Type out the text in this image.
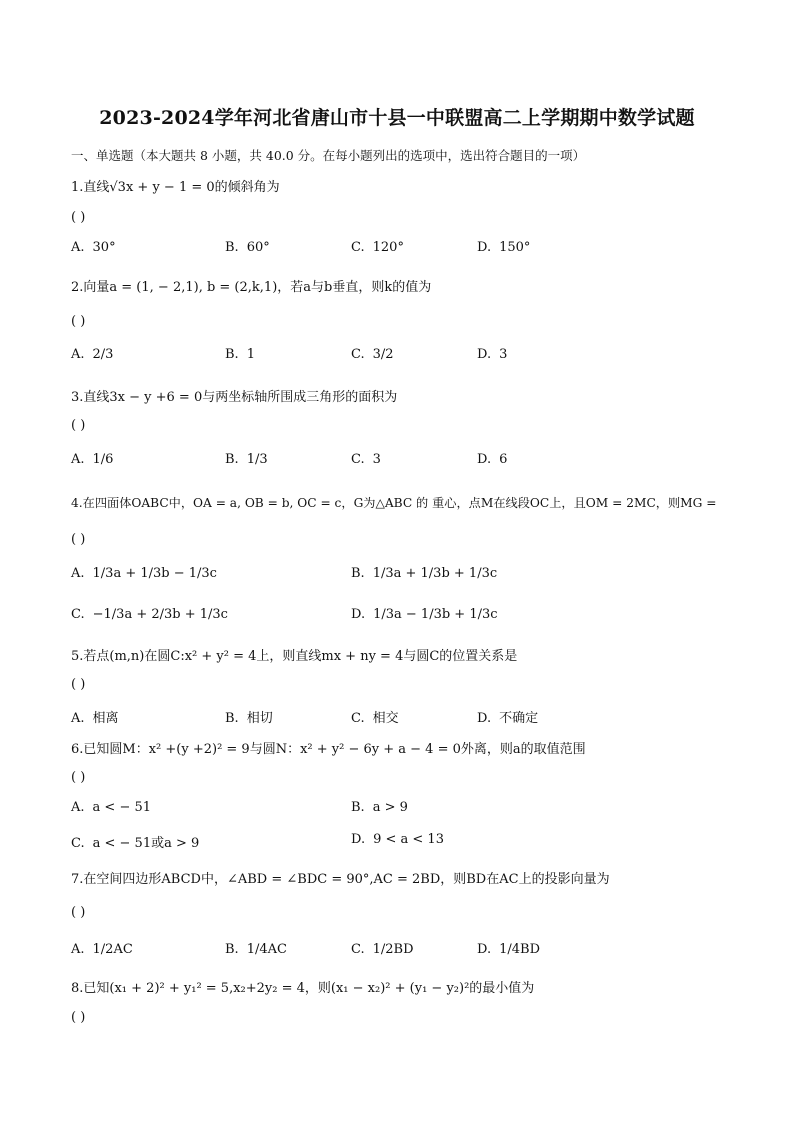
2023-2024学年河北省唐山市十县一中联盟高二上学期期中数学试题
一、单选题（本大题共 8 小题，共 40.0 分。在每小题列出的选项中，选出符合题目的一项）
1.直线√3x + y − 1 = 0的倾斜角为
( )
A. 30°	B. 60°	C. 120°	D. 150°
2.向量a = (1, − 2,1), b = (2,k,1)，若a与b垂直，则k的值为
( )
A. 2/3	B. 1	C. 3/2	D. 3
3.直线3x − y +6 = 0与两坐标轴所围成三角形的面积为
( )
A. 1/6	B. 1/3	C. 3	D. 6
4.在四面体OABC中，OA = a, OB = b, OC = c，G为△ABC 的 重心，点M在线段OC上，且OM = 2MC，则MG =
( )
A. 1/3a + 1/3b − 1/3c	B. 1/3a + 1/3b + 1/3c
C. −1/3a + 2/3b + 1/3c	D. 1/3a − 1/3b + 1/3c
5.若点(m,n)在圆C:x² + y² = 4上，则直线mx + ny = 4与圆C的位置关系是
( )
A. 相离	B. 相切	C. 相交	D. 不确定
6.已知圆M：x² +(y +2)² = 9与圆N：x² + y² − 6y + a − 4 = 0外离，则a的取值范围
( )
A. a < − 51	B. a > 9
C. a < − 51或a > 9	D. 9 < a < 13
7.在空间四边形ABCD中，∠ABD = ∠BDC = 90°,AC = 2BD，则BD在AC上的投影向量为
( )
A. 1/2AC	B. 1/4AC	C. 1/2BD	D. 1/4BD
8.已知(x₁ + 2)² + y₁² = 5,x₂+2y₂ = 4，则(x₁ − x₂)² + (y₁ − y₂)²的最小值为
( )
